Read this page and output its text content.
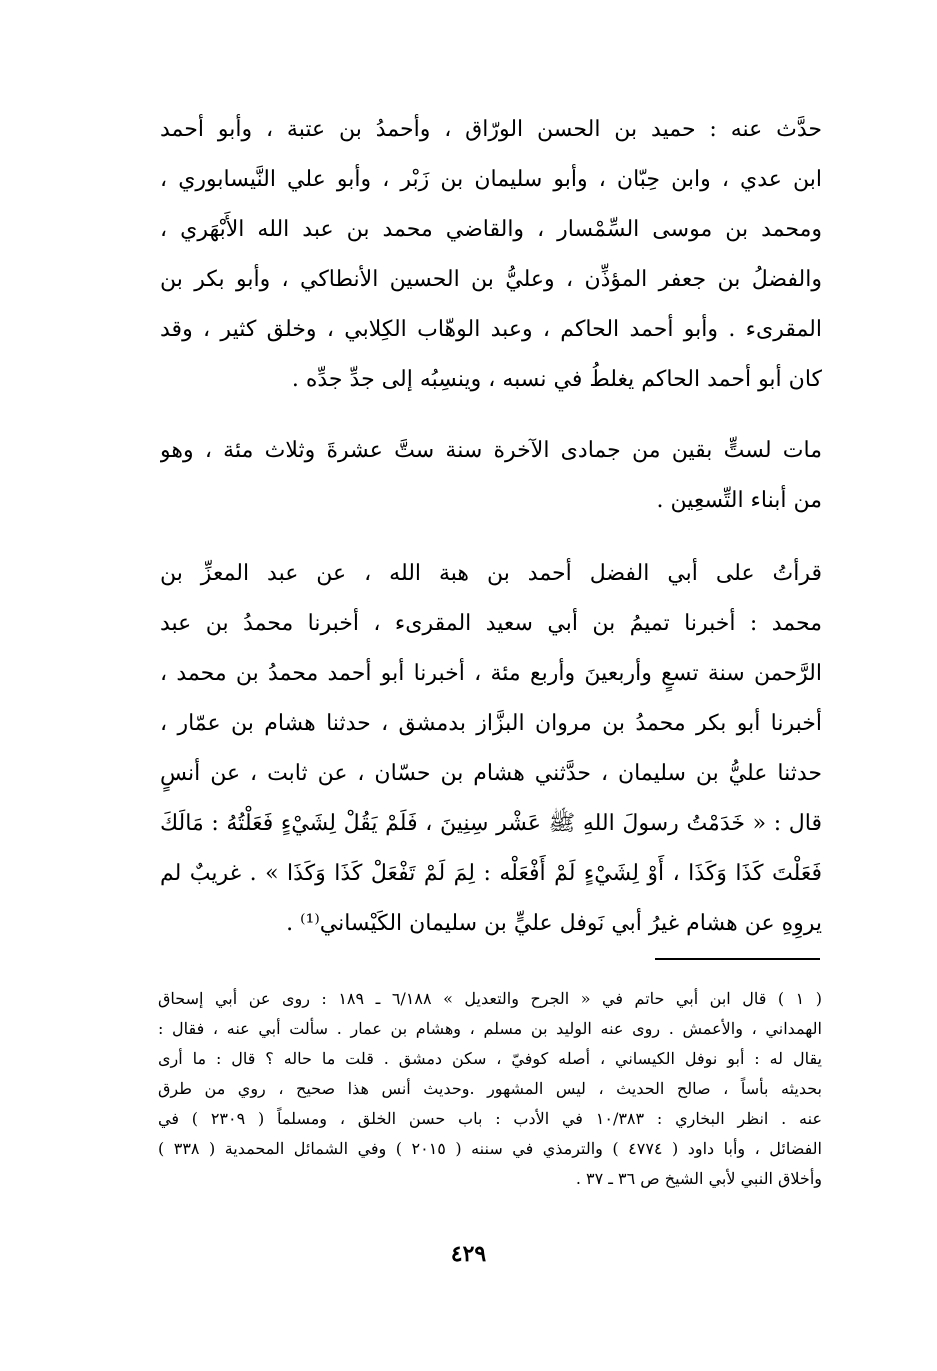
حدَّث عنه : حميد بن الحسن الورّاق ، وأحمدُ بن عتبة ، وأبو أحمد
ابن عدي ، وابن حِبّان ، وأبو سليمان بن زَبْر ، وأبو علي النَّيسابوري ،
ومحمد بن موسى السِّمْسار ، والقاضي محمد بن عبد الله الأَبْهَري ،
والفضلُ بن جعفر المؤذِّن ، وعليُّ بن الحسين الأنطاكي ، وأبو بكر بن
المقرىء . وأبو أحمد الحاكم ، وعبد الوهّاب الكِلابي ، وخلق كثير ، وقد
كان أبو أحمد الحاكم يغلطُ في نسبه ، وينسِبُه إلى جدِّ جدِّه .
مات لستٍّ بقين من جمادى الآخرة سنة ستَّ عشرةَ وثلاث مئة ، وهو
من أبناء التِّسعِين .
قرأتُ على أبي الفضل أحمد بن هبة الله ، عن عبد المعزِّ بن
محمد : أخبرنا تميمُ بن أبي سعيد المقرىء ، أخبرنا محمدُ بن عبد
الرَّحمن سنة تسعٍ وأربعينَ وأربع مئة ، أخبرنا أبو أحمد محمدُ بن محمد ،
أخبرنا أبو بكر محمدُ بن مروان البزَّاز بدمشق ، حدثنا هشام بن عمّار ،
حدثنا عليُّ بن سليمان ، حدَّثني هشام بن حسّان ، عن ثابت ، عن أنسٍ
قال : « خَدَمْتُ رسولَ اللهِ ﷺ عَشْر سِنِينَ ، فَلَمْ يَقُلْ لِشَيْءٍ فَعَلْتُهُ : مَالَكَ
فَعَلْتَ كَذَا وَكَذَا ، أَوْ لِشَيْءٍ لَمْ أَفْعَلْه : لِمَ لَمْ تَفْعَلْ كَذَا وَكَذَا » . غريبٌ لم
يروِهِ عن هشام غيرُ أبي نَوفل عليٍّ بن سليمان الكَيْساني⁽¹⁾ .
( ١ ) قال ابن أبي حاتم في « الجرح والتعديل » ٦/١٨٨ ـ ١٨٩ : روى عن أبي إسحاق
الهمداني ، والأعمش . روى عنه الوليد بن مسلم ، وهشام بن عمار . سألت أبي عنه ، فقال :
يقال له : أبو نوفل الكيساني ، أصله كوفيّ ، سكن دمشق . قلت ما حاله ؟ قال : ما أرى
بحديثه بأساً ، صالح الحديث ، ليس المشهور .وحديث أنس هذا صحيح ، روي من طرق
عنه . انظر البخاري : ١٠/٣٨٣ في الأدب : باب حسن الخلق ، ومسلماً ( ٢٣٠٩ ) في
الفضائل ، وأبا داود ( ٤٧٧٤ ) والترمذي في سننه ( ٢٠١٥ ) وفي الشمائل المحمدية ( ٣٣٨ )
وأخلاق النبي لأبي الشيخ ص ٣٦ ـ ٣٧ .
٤٢٩
